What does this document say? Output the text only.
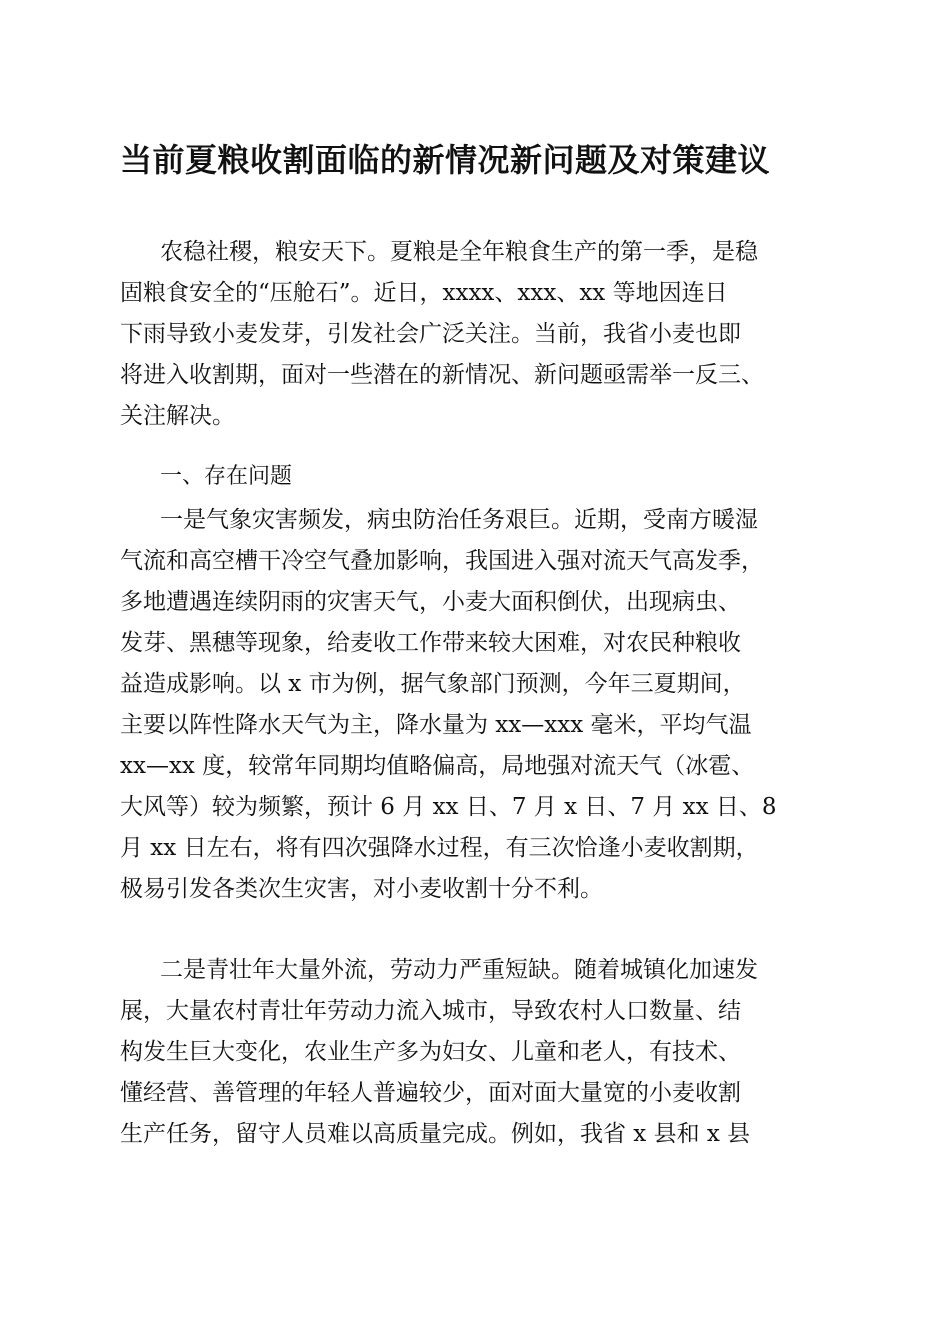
当前夏粮收割面临的新情况新问题及对策建议
农稳社稷，粮安天下。夏粮是全年粮食生产的第一季，是稳
固粮食安全的“压舱石”。近日，xxxx、xxx、xx 等地因连日
下雨导致小麦发芽，引发社会广泛关注。当前，我省小麦也即
将进入收割期，面对一些潜在的新情况、新问题亟需举一反三、
关注解决。
一、存在问题
一是气象灾害频发，病虫防治任务艰巨。近期，受南方暖湿
气流和高空槽干冷空气叠加影响，我国进入强对流天气高发季，
多地遭遇连续阴雨的灾害天气，小麦大面积倒伏，出现病虫、
发芽、黑穗等现象，给麦收工作带来较大困难，对农民种粮收
益造成影响。以 x 市为例，据气象部门预测，今年三夏期间，
主要以阵性降水天气为主，降水量为 xx—xxx 毫米，平均气温
xx—xx 度，较常年同期均值略偏高，局地强对流天气（冰雹、
大风等）较为频繁，预计 6 月 xx 日、7 月 x 日、7 月 xx 日、8
月 xx 日左右，将有四次强降水过程，有三次恰逢小麦收割期，
极易引发各类次生灾害，对小麦收割十分不利。
二是青壮年大量外流，劳动力严重短缺。随着城镇化加速发
展，大量农村青壮年劳动力流入城市，导致农村人口数量、结
构发生巨大变化，农业生产多为妇女、儿童和老人，有技术、
懂经营、善管理的年轻人普遍较少，面对面大量宽的小麦收割
生产任务，留守人员难以高质量完成。例如，我省 x 县和 x 县
